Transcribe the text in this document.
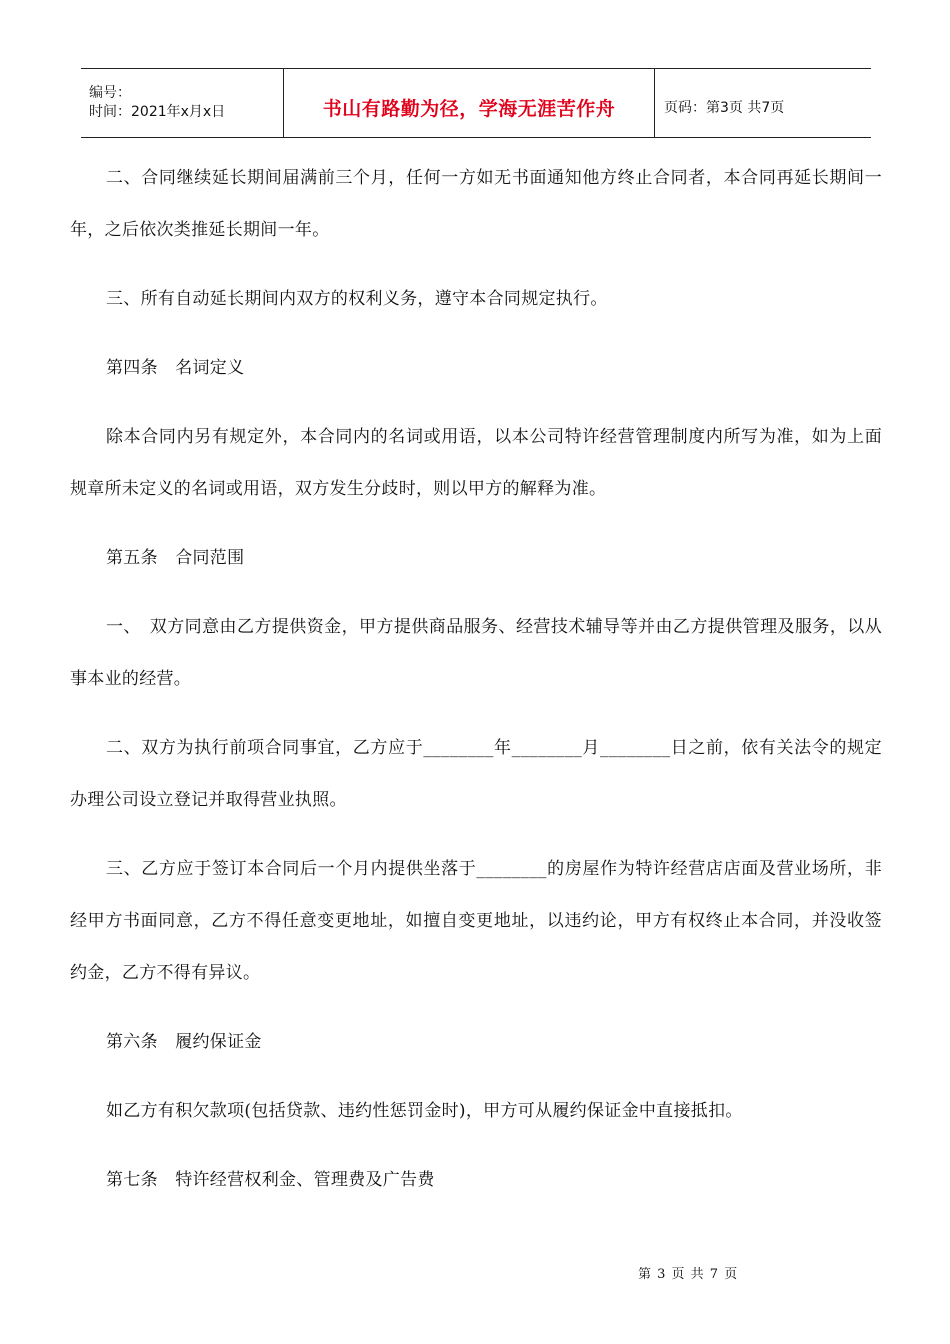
编号：
时间：2021年x月x日	书山有路勤为径，学海无涯苦作舟	页码：第3页 共7页

二、合同继续延长期间届满前三个月，任何一方如无书面通知他方终止合同者，本合同再延长期间一年，之后依次类推延长期间一年。

三、所有自动延长期间内双方的权利义务，遵守本合同规定执行。

第四条　名词定义

除本合同内另有规定外，本合同内的名词或用语，以本公司特许经营管理制度内所写为准，如为上面规章所未定义的名词或用语，双方发生分歧时，则以甲方的解释为准。

第五条　合同范围

一、　双方同意由乙方提供资金，甲方提供商品服务、经营技术辅导等并由乙方提供管理及服务，以从事本业的经营。

二、双方为执行前项合同事宜，乙方应于________年________月________日之前，依有关法令的规定办理公司设立登记并取得营业执照。

三、乙方应于签订本合同后一个月内提供坐落于________的房屋作为特许经营店店面及营业场所，非经甲方书面同意，乙方不得任意变更地址，如擅自变更地址，以违约论，甲方有权终止本合同，并没收签约金，乙方不得有异议。

第六条　履约保证金

如乙方有积欠款项(包括贷款、违约性惩罚金时)，甲方可从履约保证金中直接抵扣。

第七条　特许经营权利金、管理费及广告费

第 3 页 共 7 页
